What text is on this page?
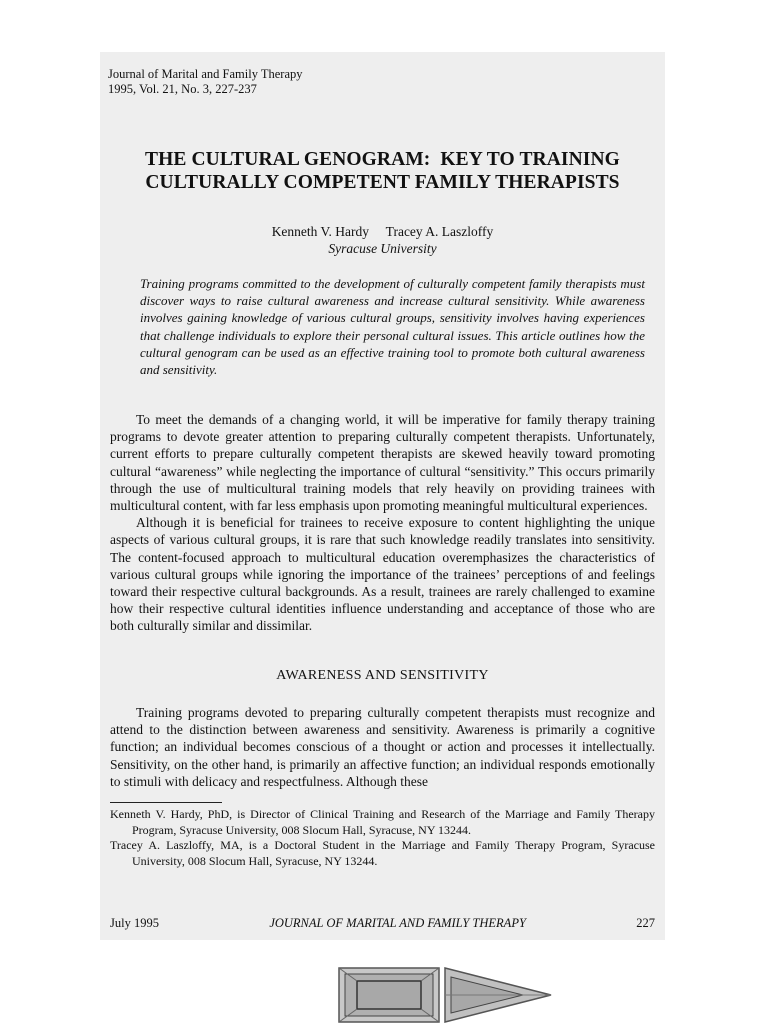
Journal of Marital and Family Therapy
1995, Vol. 21, No. 3, 227-237
THE CULTURAL GENOGRAM:  KEY TO TRAINING
CULTURALLY COMPETENT FAMILY THERAPISTS
Kenneth V. Hardy     Tracey A. Laszloffy
Syracuse University
Training programs committed to the development of culturally competent family therapists must discover ways to raise cultural awareness and increase cultural sensitivity. While awareness involves gaining knowledge of various cultural groups, sensitivity involves having experiences that challenge individuals to explore their personal cultural issues. This article outlines how the cultural genogram can be used as an effective training tool to promote both cultural awareness and sensitivity.

To meet the demands of a changing world, it will be imperative for family therapy training programs to devote greater attention to preparing culturally competent therapists. Unfortunately, current efforts to prepare culturally competent therapists are skewed heavily toward promoting cultural “awareness” while neglecting the importance of cultural “sensitivity.” This occurs primarily through the use of multicultural training models that rely heavily on providing trainees with multicultural content, with far less emphasis upon promoting meaningful multicultural experiences.

Although it is beneficial for trainees to receive exposure to content highlighting the unique aspects of various cultural groups, it is rare that such knowledge readily translates into sensitivity. The content-focused approach to multicultural education overemphasizes the characteristics of various cultural groups while ignoring the importance of the trainees’ perceptions of and feelings toward their respective cultural backgrounds. As a result, trainees are rarely challenged to examine how their respective cultural identities influence understanding and acceptance of those who are both culturally similar and dissimilar.

AWARENESS AND SENSITIVITY

Training programs devoted to preparing culturally competent therapists must recognize and attend to the distinction between awareness and sensitivity. Awareness is primarily a cognitive function; an individual becomes conscious of a thought or action and processes it intellectually. Sensitivity, on the other hand, is primarily an affective function; an individual responds emotionally to stimuli with delicacy and respectfulness. Although these

Kenneth V. Hardy, PhD, is Director of Clinical Training and Research of the Marriage and Family Therapy Program, Syracuse University, 008 Slocum Hall, Syracuse, NY 13244.

Tracey A. Laszloffy, MA, is a Doctoral Student in the Marriage and Family Therapy Program, Syracuse University, 008 Slocum Hall, Syracuse, NY 13244.

July 1995	JOURNAL OF MARITAL AND FAMILY THERAPY	227
